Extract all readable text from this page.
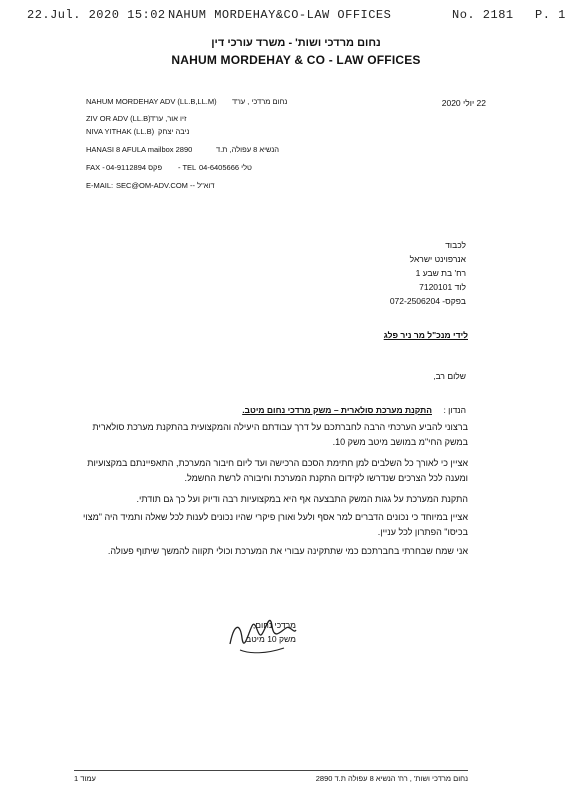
22.Jul. 2020 15:02 NAHUM MORDEHAY&CO-LAW OFFICES	No. 2181 P. 1
נחום מרדכי ושות' - משרד עורכי דין
NAHUM MORDEHAY & CO - LAW OFFICES
NAHUM MORDEHAY ADV (LL.B,LL.M) נחום מרדכי , עו"ד
ZIV OR ADV (LL.B) זיו אור, עו"ד
NIVA YITHAK (LL.B) ניבה יצחק
HANASI 8 AFULA mailbox 2890	הנשיא 8 עפולה, ת.ד
FAX - 04-9112894 פקס - TEL 04-6405666 טלי
E-MAIL: SEC@OM-ADV.COM -- דוא"ל
22 יולי 2020
לכבוד
אנרפוינט ישראל
רח' בת שבע 1
לוד 7120101
בפקס- 072-2506204
לידי מנכ"ל מר ניר פלג
שלום רב,
הנדון :
התקנת מערכת סולארית – משק מרדכי נחום מיטב.
ברצוני להביע הערכתי הרבה לחברתכם על דרך עבודתם היעילה והמקצועית בהתקנת מערכת סולארית במשק החי"מ במושב מיטב משק 10.
אציין כי לאורך כל השלבים למן חתימת הסכם הרכישה ועד ליום חיבור המערכת, התאפיינתם במקצועיות ומענה לכל הצרכים שנדרשו לקידום התקנת המערכת וחיבורה לרשת החשמל.
התקנת המערכת על גגות המשק התבצעה אף היא במקצועיות רבה ודיוק ועל כך גם תודתי.
אציין במיוחד כי נכונים הדברים למר אסף ולעל ואורן פיקרי שהיו נכונים לענות לכל שאלה ותמיד היה "מצוי בכיסו" הפתרון לכל עניין.
אני שמח שבחרתי בחברתכם כמי שתתקינה עבורי את המערכת וכולי תקווה להמשך שיתוף פעולה.
מרדכי נחום,
משק 10 מיטב
עמוד 1	נחום מרדכי ושות' , רח' הנשיא 8 עפולה ת.ד 2890
